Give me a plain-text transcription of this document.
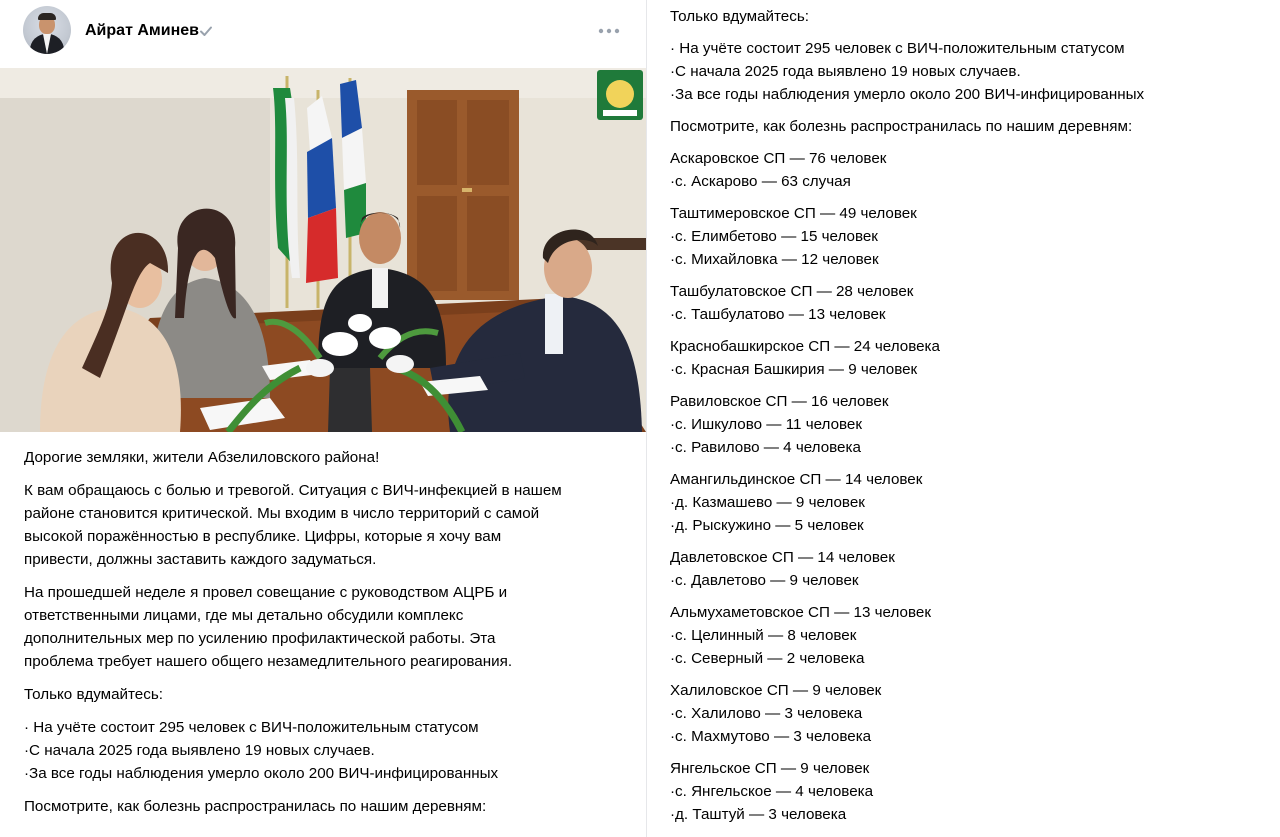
Айрат Аминев

Дорогие земляки, жители Абзелиловского района!

К вам обращаюсь с болью и тревогой. Ситуация с ВИЧ-инфекцией в нашем
районе становится критической. Мы входим в число территорий с самой
высокой поражённостью в республике. Цифры, которые я хочу вам
привести, должны заставить каждого задуматься.

На прошедшей неделе я провел совещание с руководством АЦРБ и
ответственными лицами, где мы детально обсудили комплекс
дополнительных мер по усилению профилактической работы. Эта
проблема требует нашего общего незамедлительного реагирования.

Только вдумайтесь:

· На учёте состоит 295 человек с ВИЧ-положительным статусом
·С начала 2025 года выявлено 19 новых случаев.
·За все годы наблюдения умерло около 200 ВИЧ-инфицированных

Посмотрите, как болезнь распространилась по нашим деревням:

Только вдумайтесь:

· На учёте состоит 295 человек с ВИЧ-положительным статусом
·С начала 2025 года выявлено 19 новых случаев.
·За все годы наблюдения умерло около 200 ВИЧ-инфицированных

Посмотрите, как болезнь распространилась по нашим деревням:

Аскаровское СП — 76 человек
·с. Аскарово — 63 случая

Таштимеровское СП — 49 человек
·с. Елимбетово — 15 человек
·с. Михайловка — 12 человек

Ташбулатовское СП — 28 человек
·с. Ташбулатово — 13 человек

Краснобашкирское СП — 24 человека
·с. Красная Башкирия — 9 человек

Равиловское СП — 16 человек
·с. Ишкулово — 11 человек
·с. Равилово — 4 человека

Амангильдинское СП — 14 человек
·д. Казмашево — 9 человек
·д. Рыскужино — 5 человек

Давлетовское СП — 14 человек
·с. Давлетово — 9 человек

Альмухаметовское СП — 13 человек
·с. Целинный — 8 человек
·с. Северный — 2 человека

Халиловское СП — 9 человек
·с. Халилово — 3 человека
·с. Махмутово — 3 человека

Янгельское СП — 9 человек
·с. Янгельское — 4 человека
·д. Таштуй — 3 человека
